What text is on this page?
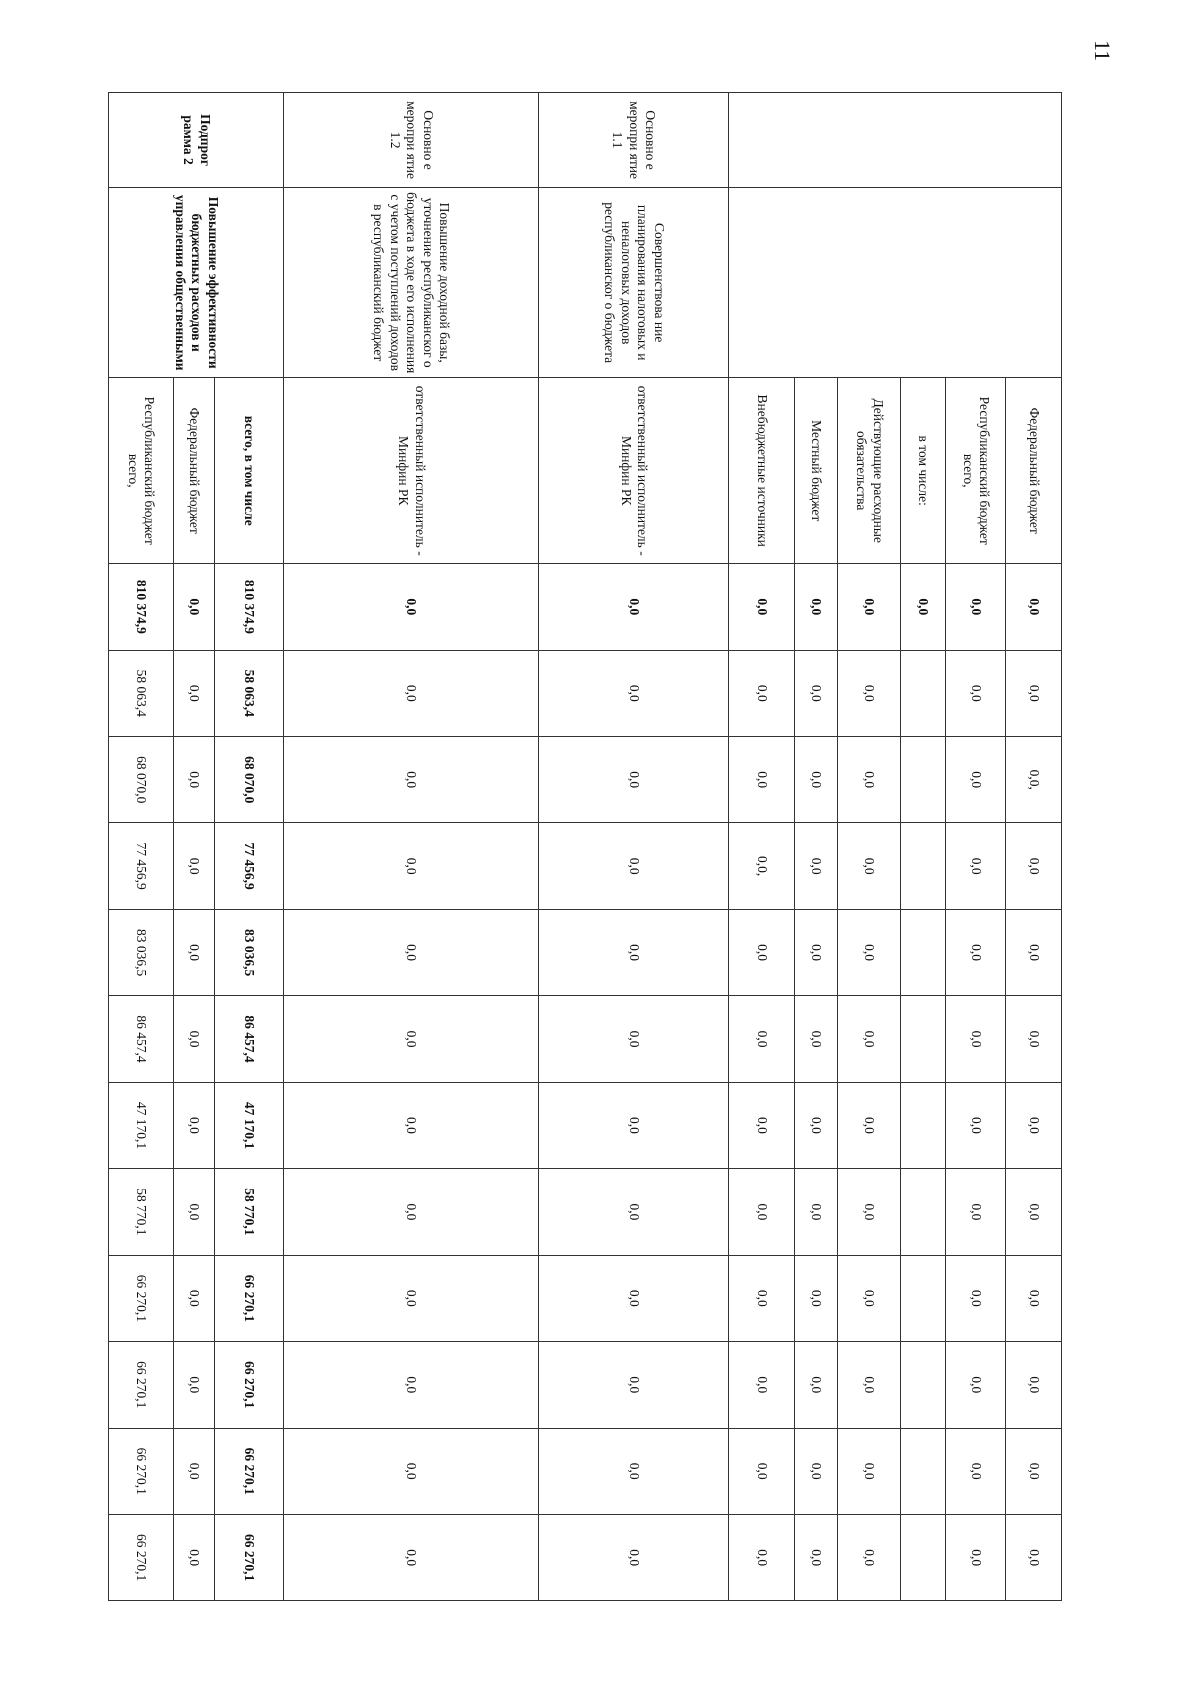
11
		Федеральный бюджет	0,0	0,0	0,0,	0,0	0,0	0,0	0,0	0,0	0,0	0,0	0,0	0,0
		Республиканский бюджет всего,	0,0	0,0	0,0	0,0	0,0	0,0	0,0	0,0	0,0	0,0	0,0	0,0
		в том числе:	0,0											
		Действующие расходные обязательства	0,0	0,0	0,0	0,0	0,0	0,0	0,0	0,0	0,0	0,0	0,0	0,0
		Местный бюджет	0,0	0,0	0,0	0,0	0,0	0,0	0,0	0,0	0,0	0,0	0,0	0,0
		Внебюджетные источники	0,0	0,0	0,0	0,0,	0,0	0,0	0,0	0,0	0,0	0,0	0,0	0,0
Основно е меропри ятие 1.1	Совершенствова ние планирования налоговых и неналоговых доходов республиканског о бюджета	ответственный исполнитель - Минфин РК	0,0	0,0	0,0	0,0	0,0	0,0	0,0	0,0	0,0	0,0	0,0	0,0
Основно е меропри ятие 1.2	Повышение доходной базы, уточнение республиканског о бюджета в ходе его исполнения с учетом поступлений доходов в республиканский бюджет	ответственный исполнитель - Минфин РК	0,0	0,0	0,0	0,0	0,0	0,0	0,0	0,0	0,0	0,0	0,0	0,0
Подпрог рамма 2	Повышение эффективности бюджетных расходов и управления общественными	всего, в том числе	810 374,9	58 063,4	68 070,0	77 456,9	83 036,5	86 457,4	47 170,1	58 770,1	66 270,1	66 270,1	66 270,1	66 270,1
		Федеральный бюджет	0,0	0,0	0,0	0,0	0,0	0,0	0,0	0,0	0,0	0,0	0,0	0,0
		Республиканский бюджет всего,	810 374,9	58 063,4	68 070,0	77 456,9	83 036,5	86 457,4	47 170,1	58 770,1	66 270,1	66 270,1	66 270,1	66 270,1
